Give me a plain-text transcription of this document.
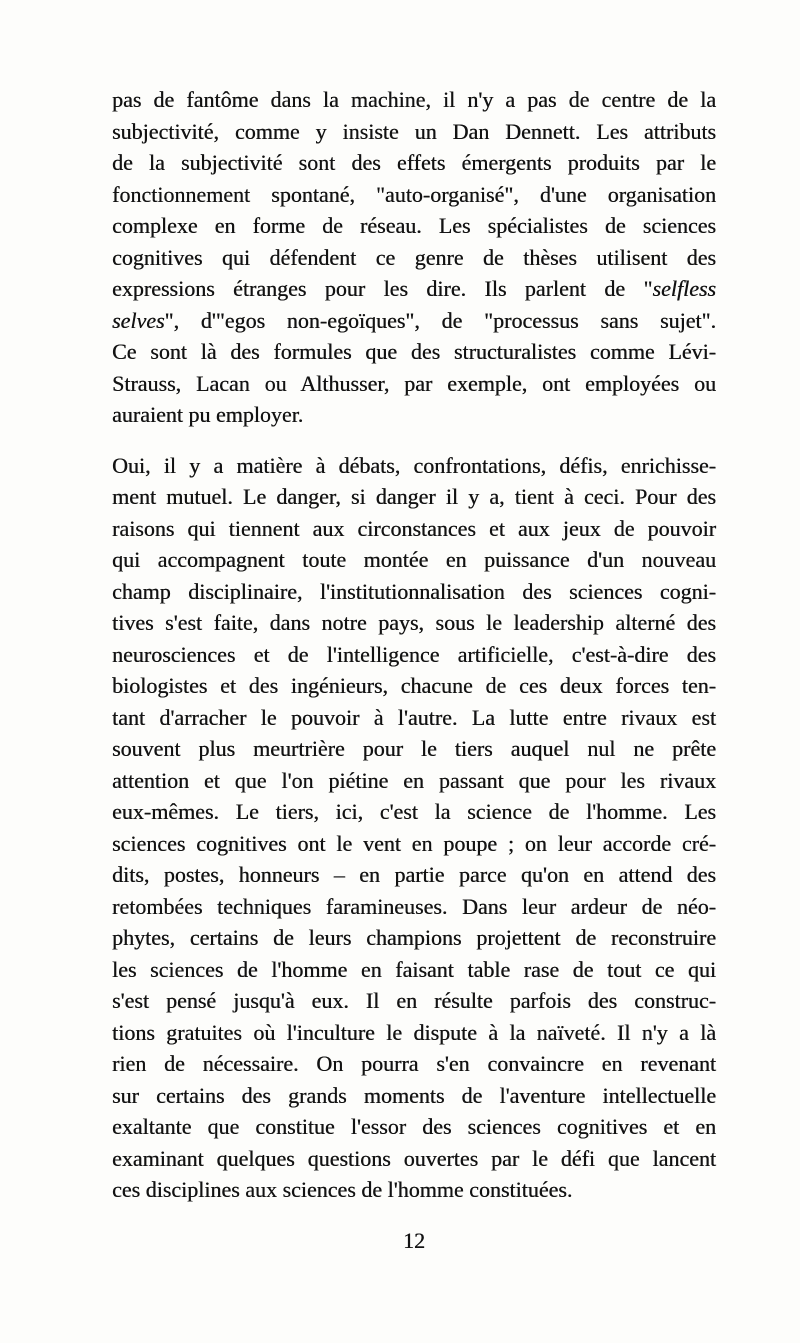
pas de fantôme dans la machine, il n'y a pas de centre de la
subjectivité, comme y insiste un Dan Dennett. Les attributs
de la subjectivité sont des effets émergents produits par le
fonctionnement spontané, "auto-organisé", d'une organisation
complexe en forme de réseau. Les spécialistes de sciences
cognitives qui défendent ce genre de thèses utilisent des
expressions étranges pour les dire. Ils parlent de "selfless
selves", d'"egos non-egoïques", de "processus sans sujet".
Ce sont là des formules que des structuralistes comme Lévi-
Strauss, Lacan ou Althusser, par exemple, ont employées ou
auraient pu employer.
Oui, il y a matière à débats, confrontations, défis, enrichisse-
ment mutuel. Le danger, si danger il y a, tient à ceci. Pour des
raisons qui tiennent aux circonstances et aux jeux de pouvoir
qui accompagnent toute montée en puissance d'un nouveau
champ disciplinaire, l'institutionnalisation des sciences cogni-
tives s'est faite, dans notre pays, sous le leadership alterné des
neurosciences et de l'intelligence artificielle, c'est-à-dire des
biologistes et des ingénieurs, chacune de ces deux forces ten-
tant d'arracher le pouvoir à l'autre. La lutte entre rivaux est
souvent plus meurtrière pour le tiers auquel nul ne prête
attention et que l'on piétine en passant que pour les rivaux
eux-mêmes. Le tiers, ici, c'est la science de l'homme. Les
sciences cognitives ont le vent en poupe ; on leur accorde cré-
dits, postes, honneurs – en partie parce qu'on en attend des
retombées techniques faramineuses. Dans leur ardeur de néo-
phytes, certains de leurs champions projettent de reconstruire
les sciences de l'homme en faisant table rase de tout ce qui
s'est pensé jusqu'à eux. Il en résulte parfois des construc-
tions gratuites où l'inculture le dispute à la naïveté. Il n'y a là
rien de nécessaire. On pourra s'en convaincre en revenant
sur certains des grands moments de l'aventure intellectuelle
exaltante que constitue l'essor des sciences cognitives et en
examinant quelques questions ouvertes par le défi que lancent
ces disciplines aux sciences de l'homme constituées.
12
